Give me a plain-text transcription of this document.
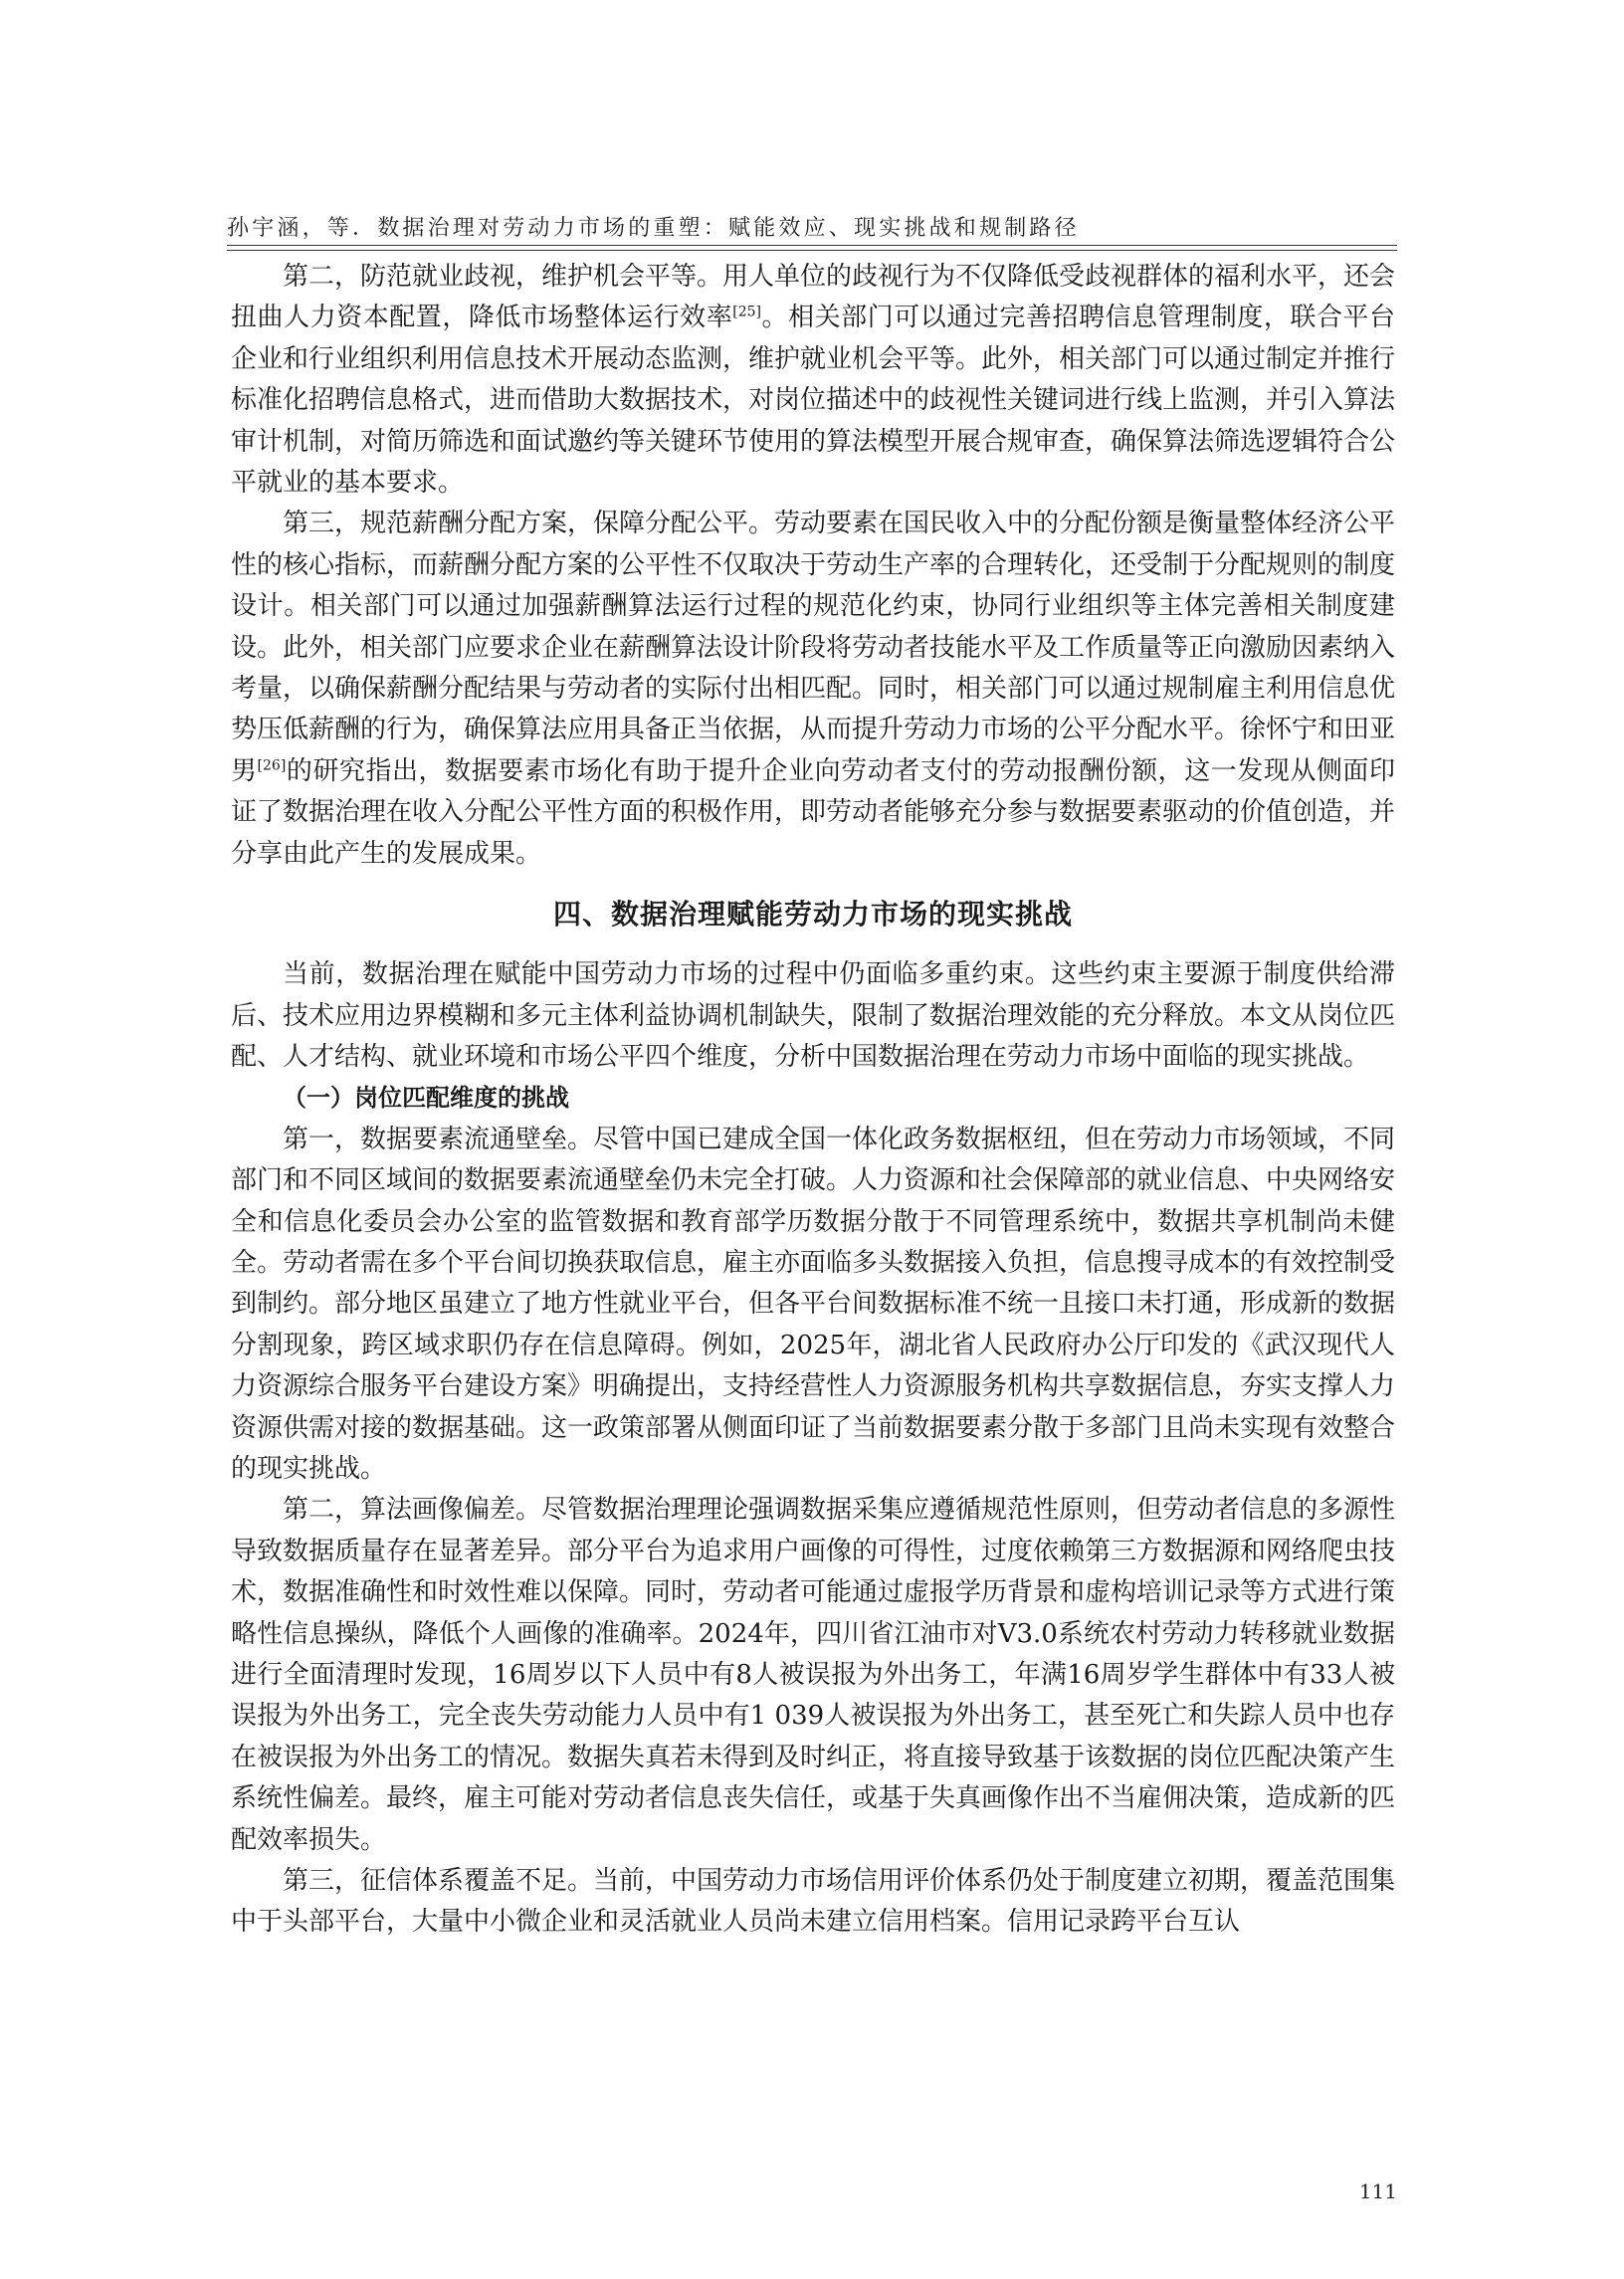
孙宇涵，等．数据治理对劳动力市场的重塑：赋能效应、现实挑战和规制路径

第二，防范就业歧视，维护机会平等。用人单位的歧视行为不仅降低受歧视群体的福利水平，还会扭曲人力资本配置，降低市场整体运行效率[25]。相关部门可以通过完善招聘信息管理制度，联合平台企业和行业组织利用信息技术开展动态监测，维护就业机会平等。此外，相关部门可以通过制定并推行标准化招聘信息格式，进而借助大数据技术，对岗位描述中的歧视性关键词进行线上监测，并引入算法审计机制，对简历筛选和面试邀约等关键环节使用的算法模型开展合规审查，确保算法筛选逻辑符合公平就业的基本要求。

第三，规范薪酬分配方案，保障分配公平。劳动要素在国民收入中的分配份额是衡量整体经济公平性的核心指标，而薪酬分配方案的公平性不仅取决于劳动生产率的合理转化，还受制于分配规则的制度设计。相关部门可以通过加强薪酬算法运行过程的规范化约束，协同行业组织等主体完善相关制度建设。此外，相关部门应要求企业在薪酬算法设计阶段将劳动者技能水平及工作质量等正向激励因素纳入考量，以确保薪酬分配结果与劳动者的实际付出相匹配。同时，相关部门可以通过规制雇主利用信息优势压低薪酬的行为，确保算法应用具备正当依据，从而提升劳动力市场的公平分配水平。徐怀宁和田亚男[26]的研究指出，数据要素市场化有助于提升企业向劳动者支付的劳动报酬份额，这一发现从侧面印证了数据治理在收入分配公平性方面的积极作用，即劳动者能够充分参与数据要素驱动的价值创造，并分享由此产生的发展成果。

四、数据治理赋能劳动力市场的现实挑战

当前，数据治理在赋能中国劳动力市场的过程中仍面临多重约束。这些约束主要源于制度供给滞后、技术应用边界模糊和多元主体利益协调机制缺失，限制了数据治理效能的充分释放。本文从岗位匹配、人才结构、就业环境和市场公平四个维度，分析中国数据治理在劳动力市场中面临的现实挑战。

（一）岗位匹配维度的挑战

第一，数据要素流通壁垒。尽管中国已建成全国一体化政务数据枢纽，但在劳动力市场领域，不同部门和不同区域间的数据要素流通壁垒仍未完全打破。人力资源和社会保障部的就业信息、中央网络安全和信息化委员会办公室的监管数据和教育部学历数据分散于不同管理系统中，数据共享机制尚未健全。劳动者需在多个平台间切换获取信息，雇主亦面临多头数据接入负担，信息搜寻成本的有效控制受到制约。部分地区虽建立了地方性就业平台，但各平台间数据标准不统一且接口未打通，形成新的数据分割现象，跨区域求职仍存在信息障碍。例如，2025年，湖北省人民政府办公厅印发的《武汉现代人力资源综合服务平台建设方案》明确提出，支持经营性人力资源服务机构共享数据信息，夯实支撑人力资源供需对接的数据基础。这一政策部署从侧面印证了当前数据要素分散于多部门且尚未实现有效整合的现实挑战。

第二，算法画像偏差。尽管数据治理理论强调数据采集应遵循规范性原则，但劳动者信息的多源性导致数据质量存在显著差异。部分平台为追求用户画像的可得性，过度依赖第三方数据源和网络爬虫技术，数据准确性和时效性难以保障。同时，劳动者可能通过虚报学历背景和虚构培训记录等方式进行策略性信息操纵，降低个人画像的准确率。2024年，四川省江油市对V3.0系统农村劳动力转移就业数据进行全面清理时发现，16周岁以下人员中有8人被误报为外出务工，年满16周岁学生群体中有33人被误报为外出务工，完全丧失劳动能力人员中有1 039人被误报为外出务工，甚至死亡和失踪人员中也存在被误报为外出务工的情况。数据失真若未得到及时纠正，将直接导致基于该数据的岗位匹配决策产生系统性偏差。最终，雇主可能对劳动者信息丧失信任，或基于失真画像作出不当雇佣决策，造成新的匹配效率损失。

第三，征信体系覆盖不足。当前，中国劳动力市场信用评价体系仍处于制度建立初期，覆盖范围集中于头部平台，大量中小微企业和灵活就业人员尚未建立信用档案。信用记录跨平台互认

111
